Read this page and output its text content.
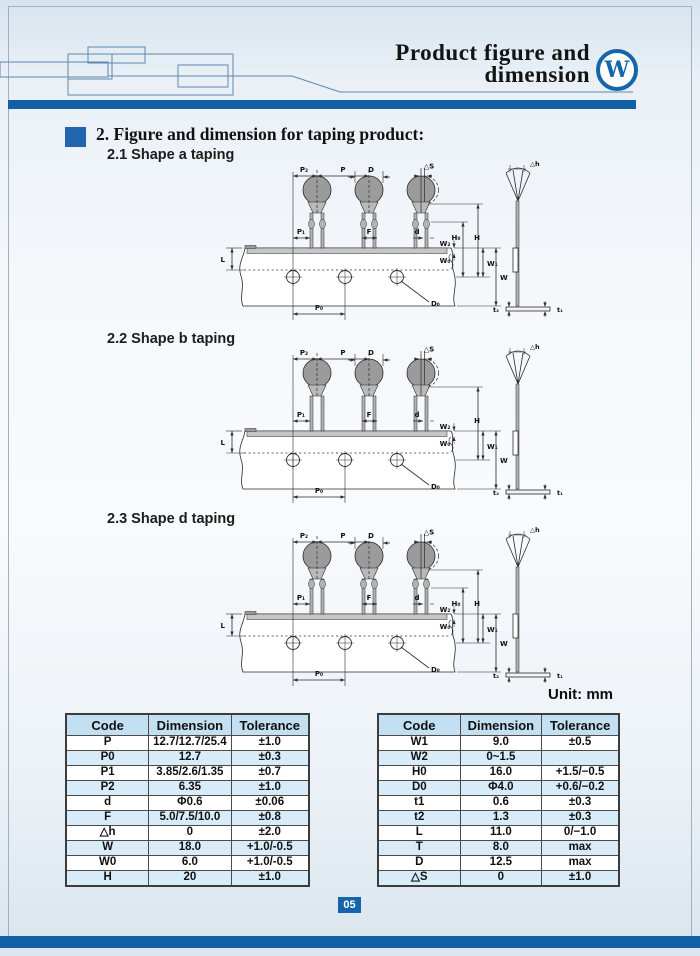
Product figure and
dimension W
2. Figure and dimension for taping product:
2.1 Shape a taping
2.2 Shape b taping
2.3 Shape d taping
P₂	P	D	△S
P₁	F	d
H₀ H
W₁
W
W₂
W₀
L
P₀	D₀
△h
t₂	t₁
P₂	P	D	△S
P₁	F	d
H
W₁
W
W₂
W₀
L
P₀	D₀
△h
t₂	t₁
P₂	P	D	△S
P₁	F	d
H₀ H
W₁
W
W₂
W₀
L
P₀	D₀
△h
t₂	t₁
Unit: mm
Code	Dimension	Tolerance
P	12.7/12.7/25.4	±1.0
P0	12.7	±0.3
P1	3.85/2.6/1.35	±0.7
P2	6.35	±1.0
d	Φ0.6	±0.06
F	5.0/7.5/10.0	±0.8
△h	0	±2.0
W	18.0	+1.0/-0.5
W0	6.0	+1.0/-0.5
H	20	±1.0
Code	Dimension	Tolerance
W1	9.0	±0.5
W2	0~1.5	
H0	16.0	+1.5/−0.5
D0	Φ4.0	+0.6/−0.2
t1	0.6	±0.3
t2	1.3	±0.3
L	11.0	0/−1.0
T	8.0	max
D	12.5	max
△S	0	±1.0
05
